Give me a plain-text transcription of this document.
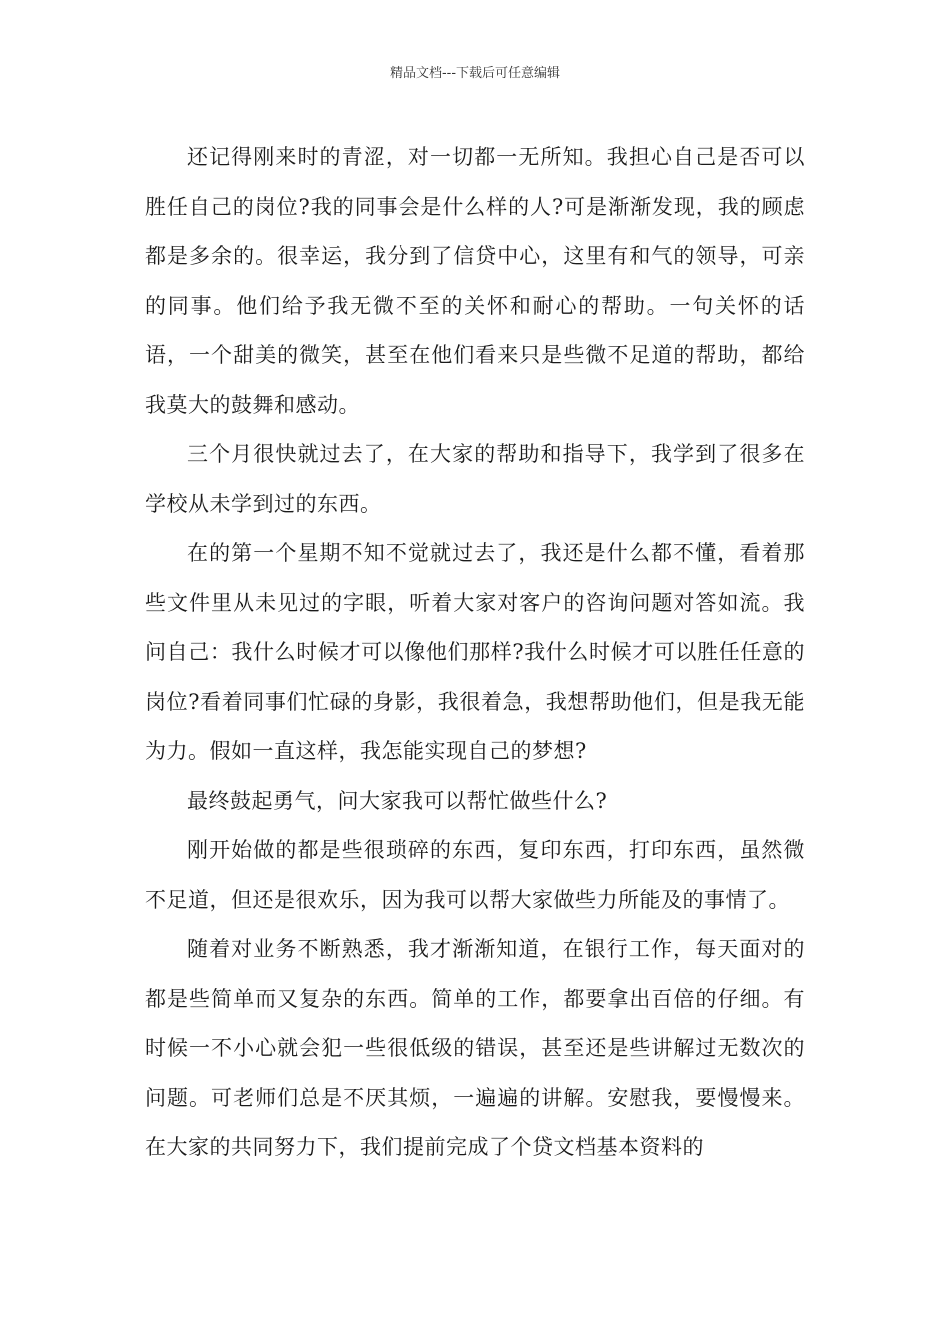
精品文档---下载后可任意编辑

还记得刚来时的青涩，对一切都一无所知。我担心自己是否可以胜任自己的岗位?我的同事会是什么样的人?可是渐渐发现，我的顾虑都是多余的。很幸运，我分到了信贷中心，这里有和气的领导，可亲的同事。他们给予我无微不至的关怀和耐心的帮助。一句关怀的话语，一个甜美的微笑，甚至在他们看来只是些微不足道的帮助，都给我莫大的鼓舞和感动。

三个月很快就过去了，在大家的帮助和指导下，我学到了很多在学校从未学到过的东西。

在的第一个星期不知不觉就过去了，我还是什么都不懂，看着那些文件里从未见过的字眼，听着大家对客户的咨询问题对答如流。我问自己：我什么时候才可以像他们那样?我什么时候才可以胜任任意的岗位?看着同事们忙碌的身影，我很着急，我想帮助他们，但是我无能为力。假如一直这样，我怎能实现自己的梦想?

最终鼓起勇气，问大家我可以帮忙做些什么?

刚开始做的都是些很琐碎的东西，复印东西，打印东西，虽然微不足道，但还是很欢乐，因为我可以帮大家做些力所能及的事情了。

随着对业务不断熟悉，我才渐渐知道，在银行工作，每天面对的都是些简单而又复杂的东西。简单的工作，都要拿出百倍的仔细。有时候一不小心就会犯一些很低级的错误，甚至还是些讲解过无数次的问题。可老师们总是不厌其烦，一遍遍的讲解。安慰我，要慢慢来。在大家的共同努力下，我们提前完成了个贷文档基本资料的
